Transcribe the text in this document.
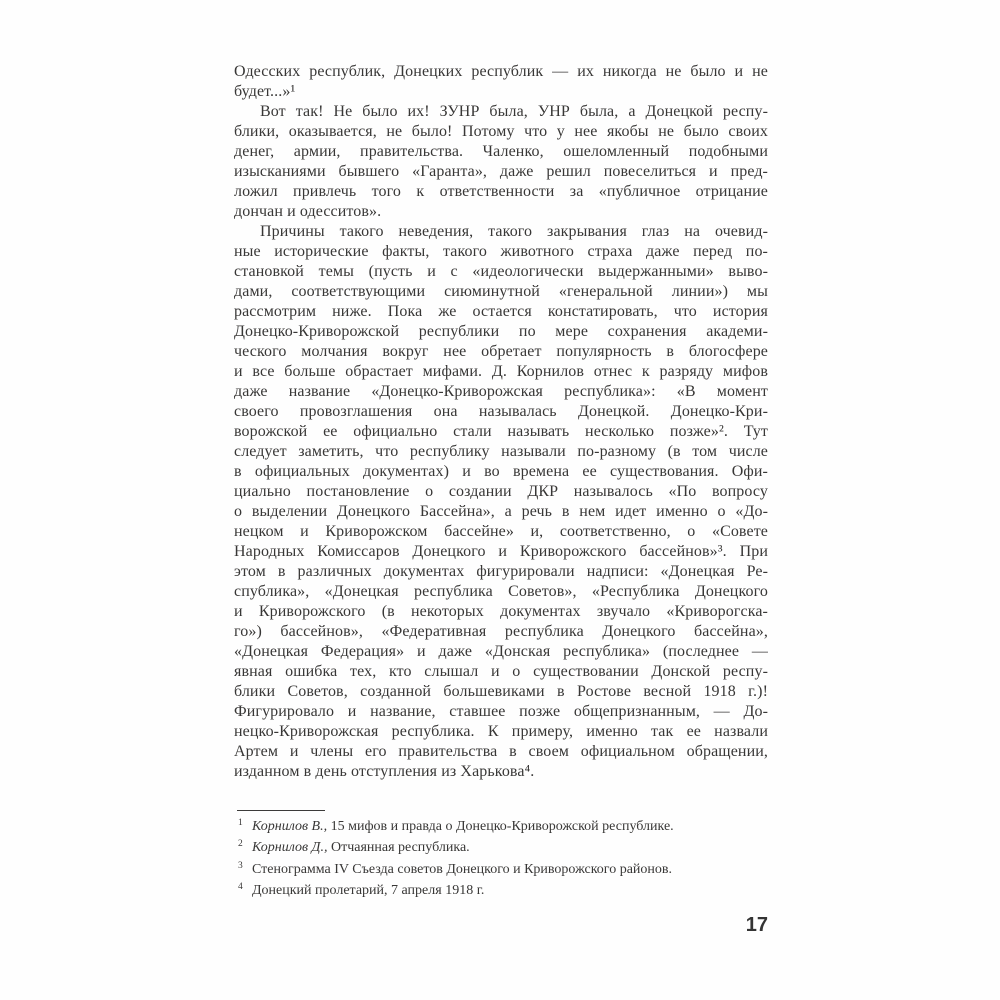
Одесских республик, Донецких республик — их никогда не было и не
будет...»¹
Вот так! Не было их! ЗУНР была, УНР была, а Донецкой респу-
блики, оказывается, не было! Потому что у нее якобы не было своих
денег, армии, правительства. Чаленко, ошеломленный подобными
изысканиями бывшего «Гаранта», даже решил повеселиться и пред-
ложил привлечь того к ответственности за «публичное отрицание
дончан и одесситов».
Причины такого неведения, такого закрывания глаз на очевид-
ные исторические факты, такого животного страха даже перед по-
становкой темы (пусть и с «идеологически выдержанными» выво-
дами, соответствующими сиюминутной «генеральной линии») мы
рассмотрим ниже. Пока же остается констатировать, что история
Донецко-Криворожской республики по мере сохранения академи-
ческого молчания вокруг нее обретает популярность в блогосфере
и все больше обрастает мифами. Д. Корнилов отнес к разряду мифов
даже название «Донецко-Криворожская республика»: «В момент
своего провозглашения она называлась Донецкой. Донецко-Кри-
ворожской ее официально стали называть несколько позже»². Тут
следует заметить, что республику называли по-разному (в том числе
в официальных документах) и во времена ее существования. Офи-
циально постановление о создании ДКР называлось «По вопросу
о выделении Донецкого Бассейна», а речь в нем идет именно о «До-
нецком и Криворожском бассейне» и, соответственно, о «Совете
Народных Комиссаров Донецкого и Криворожского бассейнов»³. При
этом в различных документах фигурировали надписи: «Донецкая Ре-
спублика», «Донецкая республика Советов», «Республика Донецкого
и Криворожского (в некоторых документах звучало «Криворогска-
го») бассейнов», «Федеративная республика Донецкого бассейна»,
«Донецкая Федерация» и даже «Донская республика» (последнее —
явная ошибка тех, кто слышал и о существовании Донской респу-
блики Советов, созданной большевиками в Ростове весной 1918 г.)!
Фигурировало и название, ставшее позже общепризнанным, — До-
нецко-Криворожская республика. К примеру, именно так ее назвали
Артем и члены его правительства в своем официальном обращении,
изданном в день отступления из Харькова⁴.
1 Корнилов В., 15 мифов и правда о Донецко-Криворожской республике.
2 Корнилов Д., Отчаянная республика.
3 Стенограмма IV Съезда советов Донецкого и Криворожского районов.
4 Донецкий пролетарий, 7 апреля 1918 г.
17
